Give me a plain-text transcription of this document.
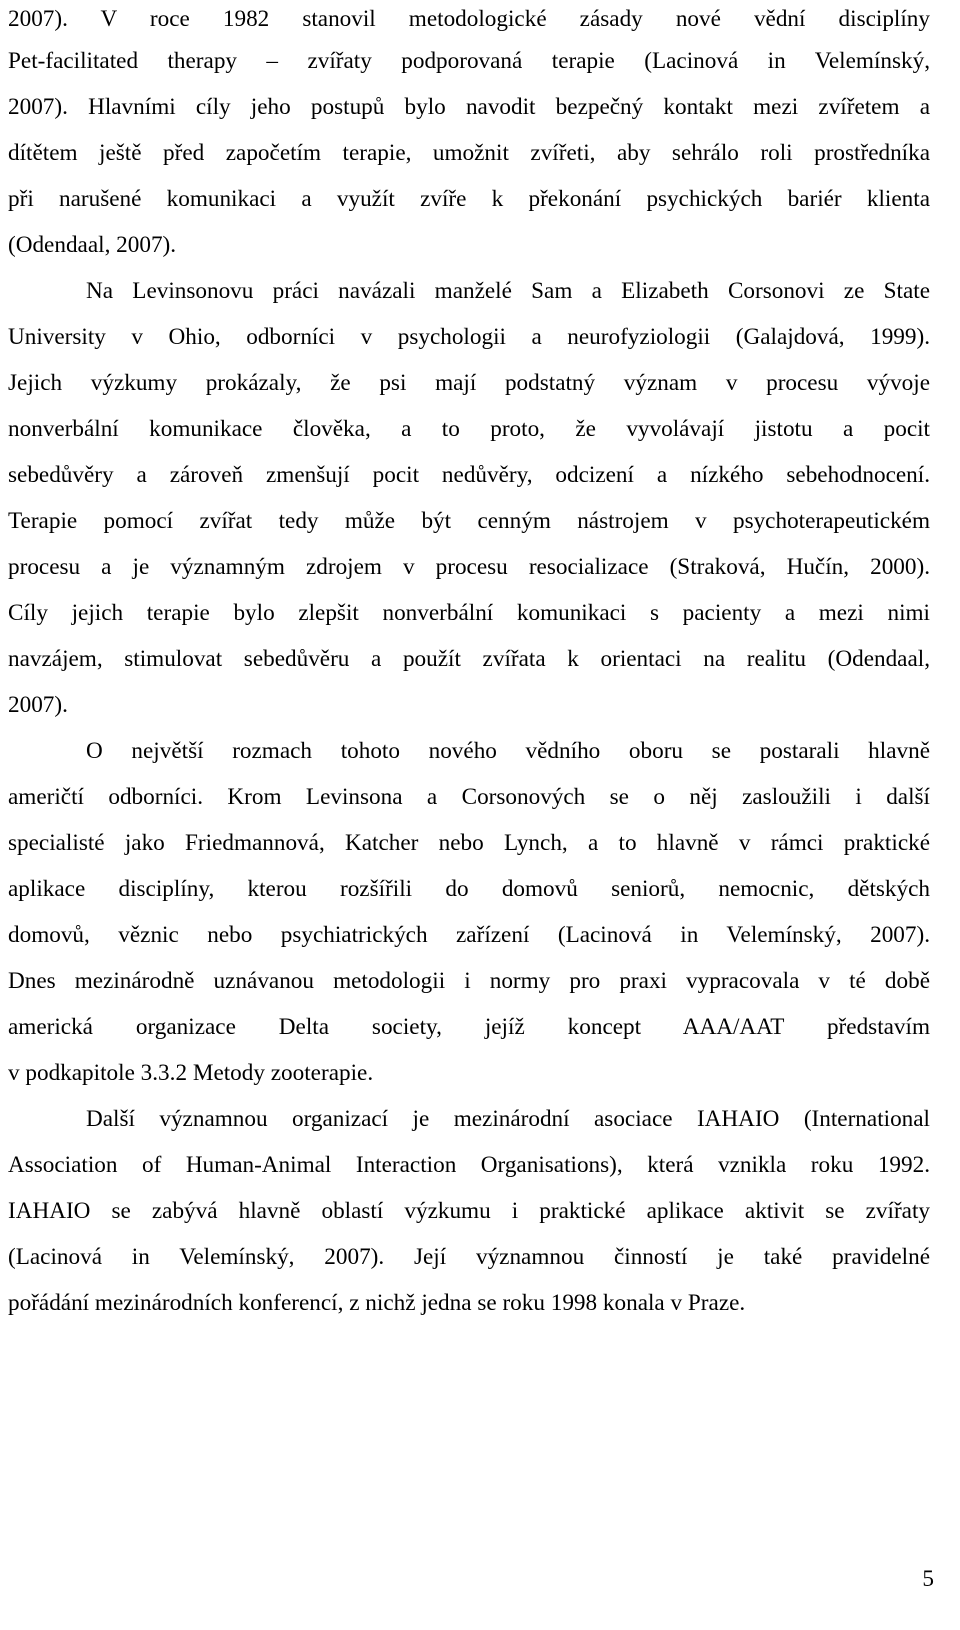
2007). V roce 1982 stanovil metodologické zásady nové vědní disciplíny

Pet-facilitated therapy – zvířaty podporovaná terapie (Lacinová in Velemínský,

2007). Hlavními cíly jeho postupů bylo navodit bezpečný kontakt mezi zvířetem a

dítětem ještě před započetím terapie, umožnit zvířeti, aby sehrálo roli prostředníka

při narušené komunikaci a využít zvíře k překonání psychických bariér klienta

(Odendaal, 2007).

Na Levinsonovu práci navázali manželé Sam a Elizabeth Corsonovi ze State

University v Ohio, odborníci v psychologii a neurofyziologii (Galajdová, 1999).

Jejich výzkumy prokázaly, že psi mají podstatný význam v procesu vývoje

nonverbální komunikace člověka, a to proto, že vyvolávají jistotu a pocit

sebedůvěry a zároveň zmenšují pocit nedůvěry, odcizení a nízkého sebehodnocení.

Terapie pomocí zvířat tedy může být cenným nástrojem v psychoterapeutickém

procesu a je významným zdrojem v procesu resocializace (Straková, Hučín, 2000).

Cíly jejich terapie bylo zlepšit nonverbální komunikaci s pacienty a mezi nimi

navzájem, stimulovat sebedůvěru a použít zvířata k orientaci na realitu (Odendaal,

2007).

O největší rozmach tohoto nového vědního oboru se postarali hlavně

američtí odborníci. Krom Levinsona a Corsonových se o něj zasloužili i další

specialisté jako Friedmannová, Katcher nebo Lynch, a to hlavně v rámci praktické

aplikace disciplíny, kterou rozšířili do domovů seniorů, nemocnic, dětských

domovů, věznic nebo psychiatrických zařízení (Lacinová in Velemínský, 2007).

Dnes mezinárodně uznávanou metodologii i normy pro praxi vypracovala v té době

americká organizace Delta society, jejíž koncept AAA/AAT představím

v podkapitole 3.3.2 Metody zooterapie.

Další významnou organizací je mezinárodní asociace IAHAIO (International

Association of Human-Animal Interaction Organisations), která vznikla roku 1992.

IAHAIO se zabývá hlavně oblastí výzkumu i praktické aplikace aktivit se zvířaty

(Lacinová in Velemínský, 2007). Její významnou činností je také pravidelné

pořádání mezinárodních konferencí, z nichž jedna se roku 1998 konala v Praze.

5
